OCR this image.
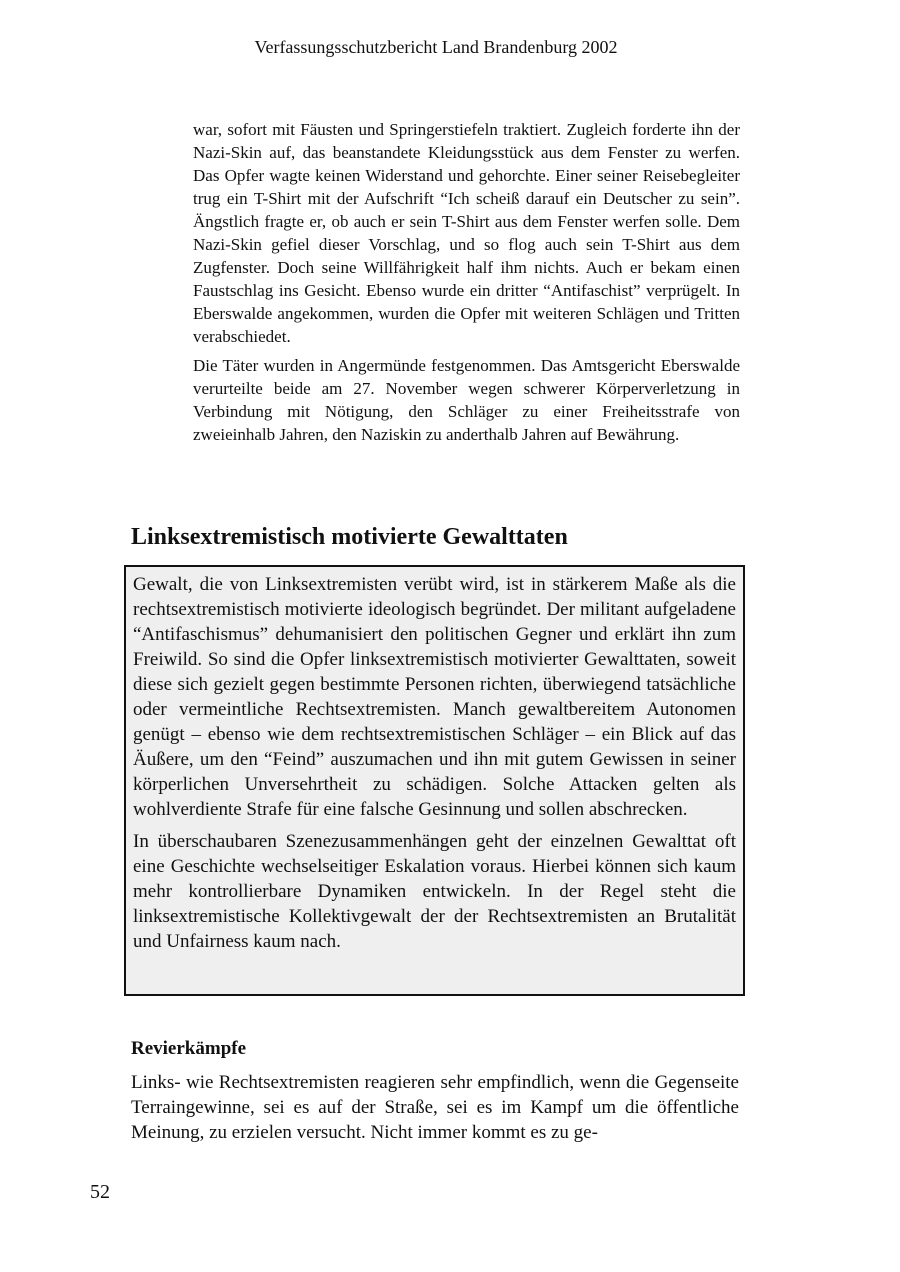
Verfassungsschutzbericht Land Brandenburg 2002

war, sofort mit Fäusten und Springerstiefeln traktiert. Zugleich forderte ihn der Nazi-Skin auf, das beanstandete Kleidungsstück aus dem Fenster zu werfen. Das Opfer wagte keinen Widerstand und gehorchte. Einer seiner Reisebegleiter trug ein T-Shirt mit der Aufschrift “Ich scheiß darauf ein Deutscher zu sein”. Ängstlich fragte er, ob auch er sein T-Shirt aus dem Fenster werfen solle. Dem Nazi-Skin gefiel dieser Vorschlag, und so flog auch sein T-Shirt aus dem Zugfenster. Doch seine Willfährigkeit half ihm nichts. Auch er bekam einen Faustschlag ins Gesicht. Ebenso wurde ein dritter “Antifaschist” verprügelt. In Eberswalde angekommen, wurden die Opfer mit weiteren Schlägen und Tritten verabschiedet.

Die Täter wurden in Angermünde festgenommen. Das Amtsgericht Eberswalde verurteilte beide am 27. November wegen schwerer Körperverletzung in Verbindung mit Nötigung, den Schläger zu einer Freiheitsstrafe von zweieinhalb Jahren, den Naziskin zu anderthalb Jahren auf Bewährung.

Linksextremistisch motivierte Gewalttaten

Gewalt, die von Linksextremisten verübt wird, ist in stärkerem Maße als die rechtsextremistisch motivierte ideologisch begründet. Der militant aufgeladene “Antifaschismus” dehumanisiert den politischen Gegner und erklärt ihn zum Freiwild. So sind die Opfer linksextremistisch motivierter Gewalttaten, soweit diese sich gezielt gegen bestimmte Personen richten, überwiegend tatsächliche oder vermeintliche Rechtsextremisten. Manch gewaltbereitem Autonomen genügt – ebenso wie dem rechtsextremistischen Schläger – ein Blick auf das Äußere, um den “Feind” auszumachen und ihn mit gutem Gewissen in seiner körperlichen Unversehrtheit zu schädigen. Solche Attacken gelten als wohlverdiente Strafe für eine falsche Gesinnung und sollen abschrecken.

In überschaubaren Szenezusammenhängen geht der einzelnen Gewalttat oft eine Geschichte wechselseitiger Eskalation voraus. Hierbei können sich kaum mehr kontrollierbare Dynamiken entwickeln. In der Regel steht die linksextremistische Kollektivgewalt der der Rechtsextremisten an Brutalität und Unfairness kaum nach.

Revierkämpfe

Links- wie Rechtsextremisten reagieren sehr empfindlich, wenn die Gegenseite Terraingewinne, sei es auf der Straße, sei es im Kampf um die öffentliche Meinung, zu erzielen versucht. Nicht immer kommt es zu ge-

52
